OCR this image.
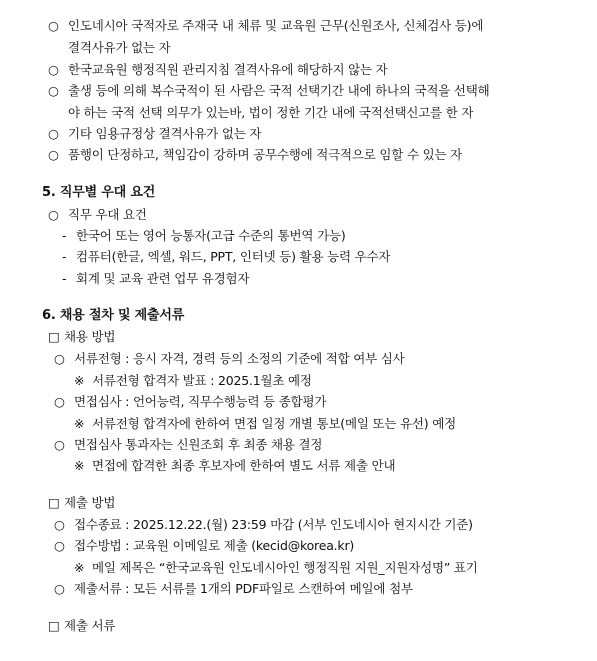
○ 인도네시아 국적자로 주재국 내 체류 및 교육원 근무(신원조사, 신체검사 등)에
결격사유가 없는 자
○ 한국교육원 행정직원 관리지침 결격사유에 해당하지 않는 자
○ 출생 등에 의해 복수국적이 된 사람은 국적 선택기간 내에 하나의 국적을 선택해
야 하는 국적 선택 의무가 있는바, 법이 정한 기간 내에 국적선택신고를 한 자
○ 기타 임용규정상 결격사유가 없는 자
○ 품행이 단정하고, 책임감이 강하며 공무수행에 적극적으로 임할 수 있는 자
5. 직무별 우대 요건
○ 직무 우대 요건
- 한국어 또는 영어 능통자(고급 수준의 통번역 가능)
- 컴퓨터(한글, 엑셀, 워드, PPT, 인터넷 등) 활용 능력 우수자
- 회계 및 교육 관련 업무 유경험자
6. 채용 절차 및 제출서류
□ 채용 방법
○ 서류전형 : 응시 자격, 경력 등의 소정의 기준에 적합 여부 심사
※ 서류전형 합격자 발표 : 2025.1월초 예정
○ 면접심사 : 언어능력, 직무수행능력 등 종합평가
※ 서류전형 합격자에 한하여 면접 일정 개별 통보(메일 또는 유선) 예정
○ 면접심사 통과자는 신원조회 후 최종 채용 결정
※ 면접에 합격한 최종 후보자에 한하여 별도 서류 제출 안내
□ 제출 방법
○ 접수종료 : 2025.12.22.(월) 23:59 마감 (서부 인도네시아 현지시간 기준)
○ 접수방법 : 교육원 이메일로 제출 (kecid@korea.kr)
※ 메일 제목은 “한국교육원 인도네시아인 행정직원 지원_지원자성명” 표기
○ 제출서류 : 모든 서류를 1개의 PDF파일로 스캔하여 메일에 첨부
□ 제출 서류
